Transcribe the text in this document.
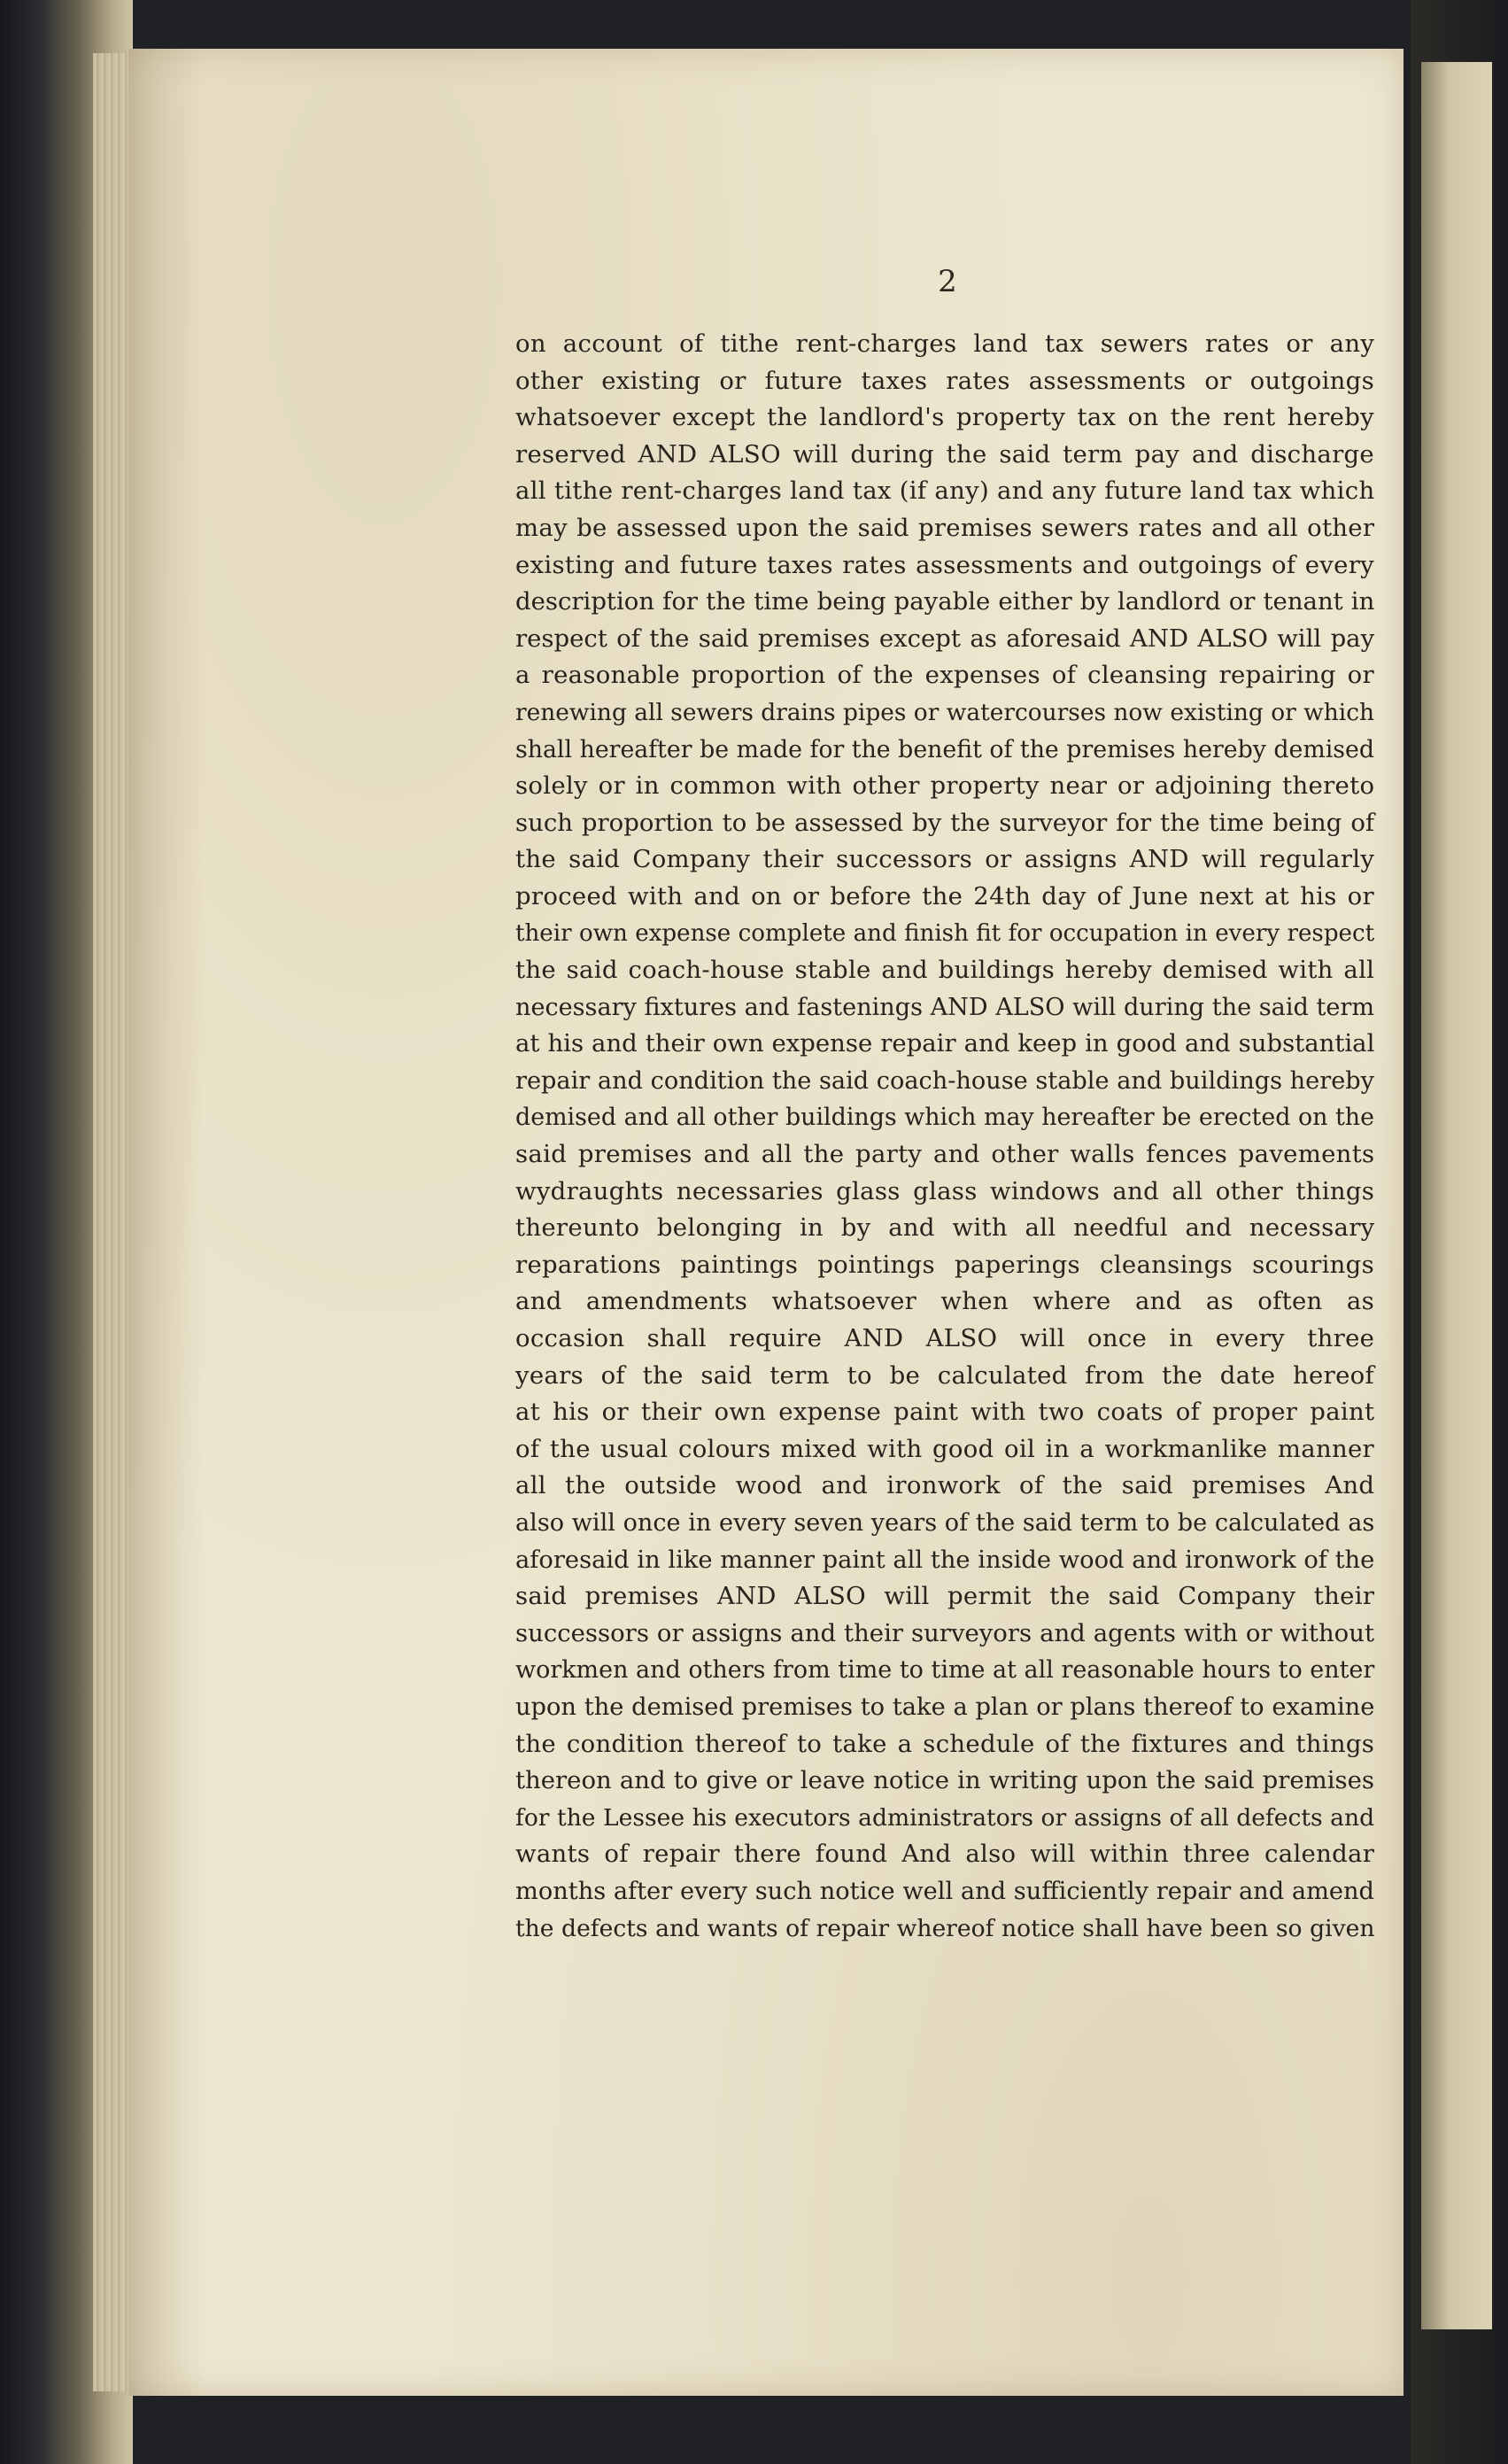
2
on account of tithe rent-charges land tax sewers rates or any
other existing or future taxes rates assessments or outgoings
whatsoever except the landlord's property tax on the rent hereby
reserved AND ALSO will during the said term pay and discharge
all tithe rent-charges land tax (if any) and any future land tax which
may be assessed upon the said premises sewers rates and all other
existing and future taxes rates assessments and outgoings of every
description for the time being payable either by landlord or tenant in
respect of the said premises except as aforesaid AND ALSO will pay
a reasonable proportion of the expenses of cleansing repairing or
renewing all sewers drains pipes or watercourses now existing or which
shall hereafter be made for the benefit of the premises hereby demised
solely or in common with other property near or adjoining thereto
such proportion to be assessed by the surveyor for the time being of
the said Company their successors or assigns AND will regularly
proceed with and on or before the 24th day of June next at his or
their own expense complete and finish fit for occupation in every respect
the said coach-house stable and buildings hereby demised with all
necessary fixtures and fastenings AND ALSO will during the said term
at his and their own expense repair and keep in good and substantial
repair and condition the said coach-house stable and buildings hereby
demised and all other buildings which may hereafter be erected on the
said premises and all the party and other walls fences pavements
wydraughts necessaries glass glass windows and all other things
thereunto belonging in by and with all needful and necessary
reparations paintings pointings paperings cleansings scourings
and amendments whatsoever when where and as often as
occasion shall require AND ALSO will once in every three
years of the said term to be calculated from the date hereof
at his or their own expense paint with two coats of proper paint
of the usual colours mixed with good oil in a workmanlike manner
all the outside wood and ironwork of the said premises And
also will once in every seven years of the said term to be calculated as
aforesaid in like manner paint all the inside wood and ironwork of the
said premises AND ALSO will permit the said Company their
successors or assigns and their surveyors and agents with or without
workmen and others from time to time at all reasonable hours to enter
upon the demised premises to take a plan or plans thereof to examine
the condition thereof to take a schedule of the fixtures and things
thereon and to give or leave notice in writing upon the said premises
for the Lessee his executors administrators or assigns of all defects and
wants of repair there found And also will within three calendar
months after every such notice well and sufficiently repair and amend
the defects and wants of repair whereof notice shall have been so given
